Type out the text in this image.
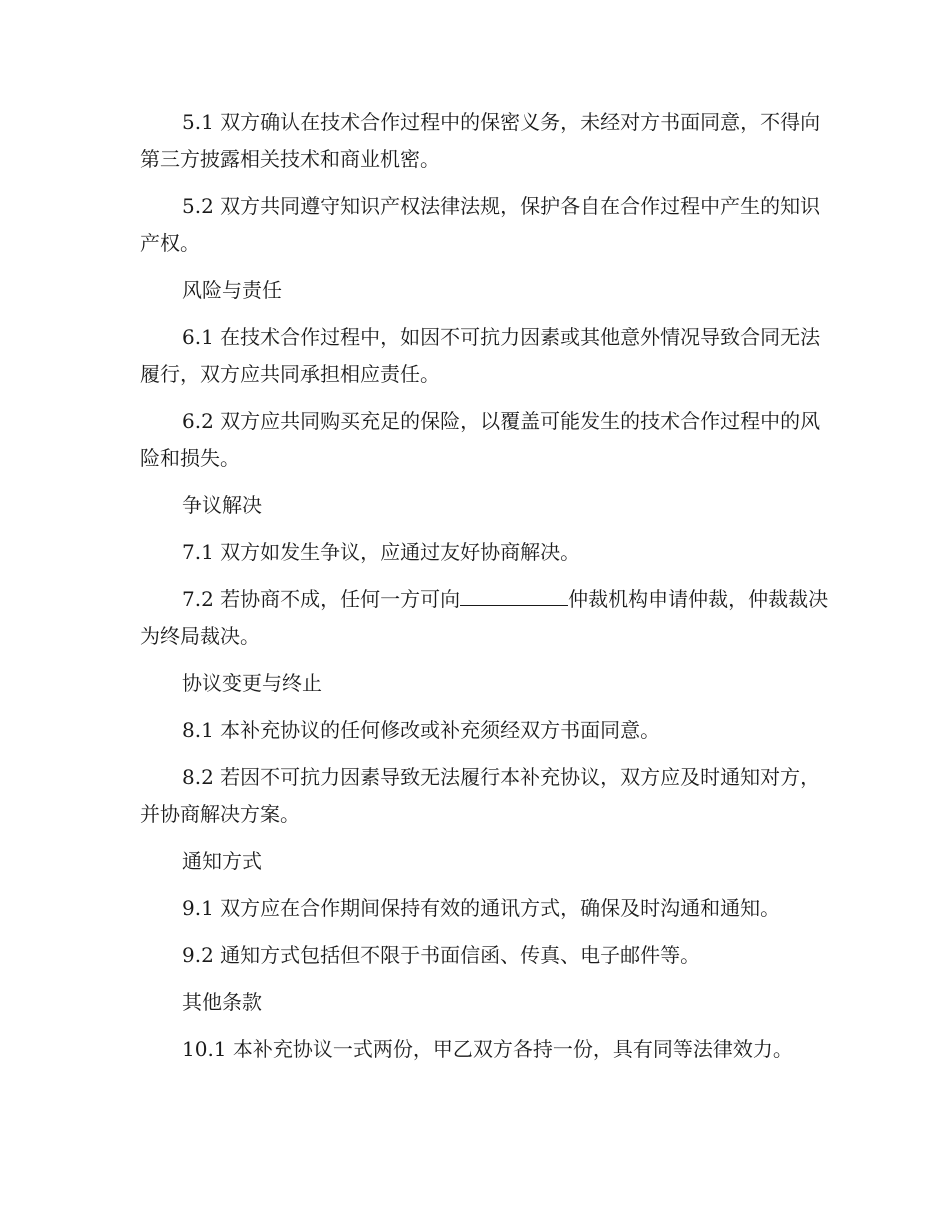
5.1 双方确认在技术合作过程中的保密义务，未经对方书面同意，不得向第三方披露相关技术和商业机密。

5.2 双方共同遵守知识产权法律法规，保护各自在合作过程中产生的知识产权。

风险与责任

6.1 在技术合作过程中，如因不可抗力因素或其他意外情况导致合同无法履行，双方应共同承担相应责任。

6.2 双方应共同购买充足的保险，以覆盖可能发生的技术合作过程中的风险和损失。

争议解决

7.1 双方如发生争议，应通过友好协商解决。

7.2 若协商不成，任何一方可向	仲裁机构申请仲裁，仲裁裁决为终局裁决。

协议变更与终止

8.1 本补充协议的任何修改或补充须经双方书面同意。

8.2 若因不可抗力因素导致无法履行本补充协议，双方应及时通知对方，并协商解决方案。

通知方式

9.1 双方应在合作期间保持有效的通讯方式，确保及时沟通和通知。

9.2 通知方式包括但不限于书面信函、传真、电子邮件等。

其他条款

10.1 本补充协议一式两份，甲乙双方各持一份，具有同等法律效力。
